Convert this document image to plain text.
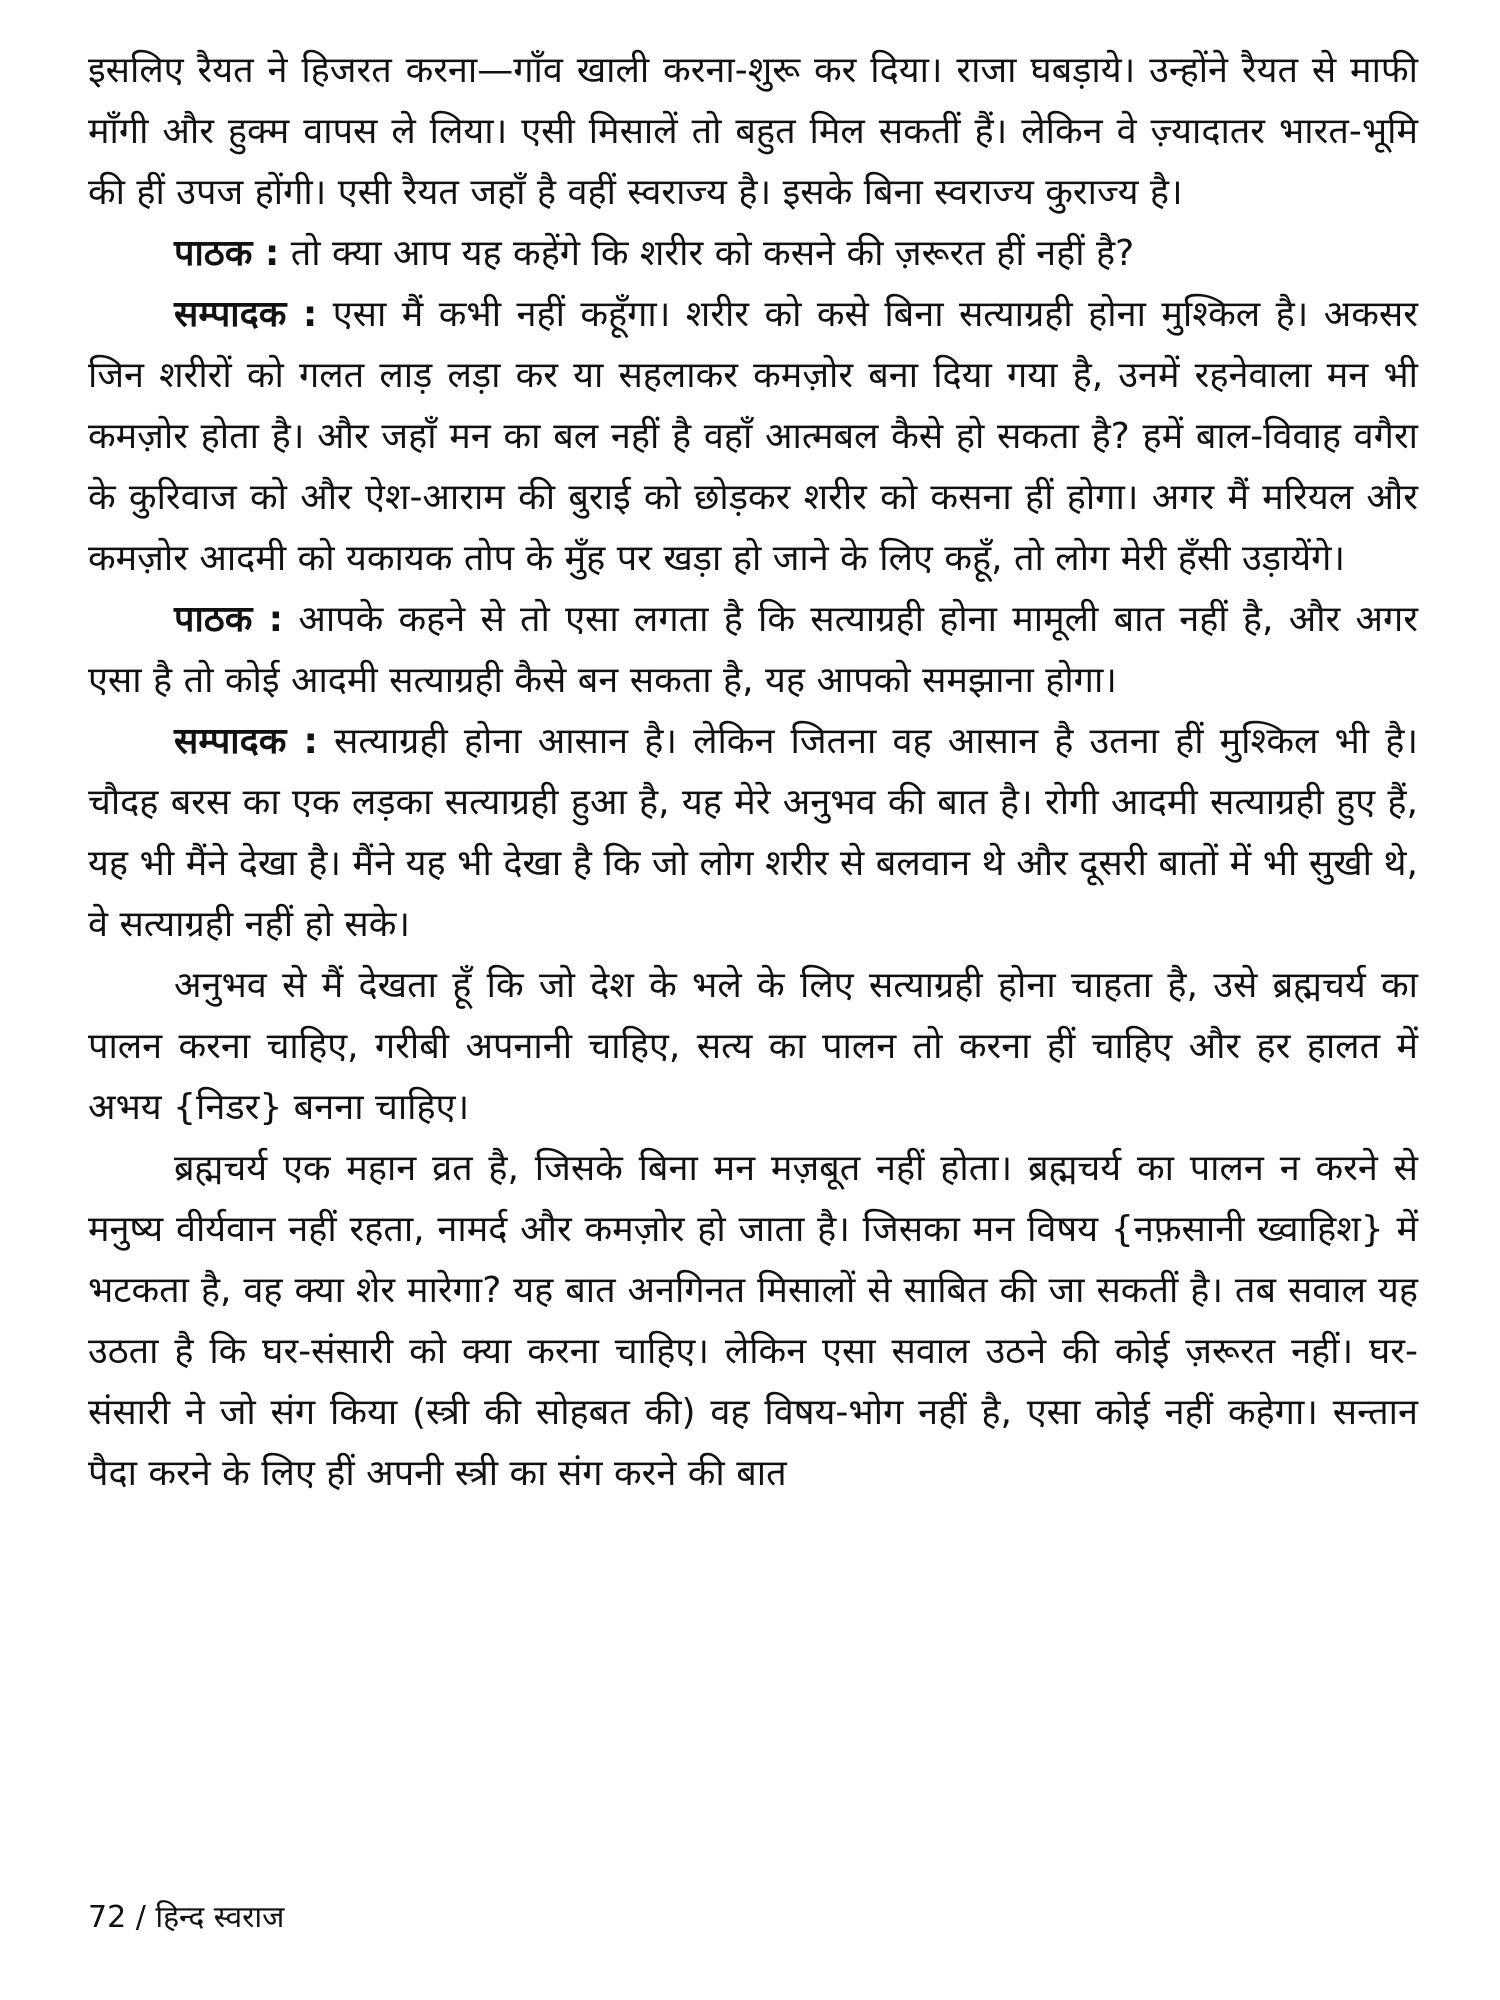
इसलिए रैयत ने हिजरत करना—गाँव खाली करना-शुरू कर दिया। राजा घबड़ाये। उन्होंने रैयत से माफी माँगी और हुक्म वापस ले लिया। एसी मिसालें तो बहुत मिल सकतीं हैं। लेकिन वे ज़्यादातर भारत-भूमि की हीं उपज होंगी। एसी रैयत जहाँ है वहीं स्वराज्य है। इसके बिना स्वराज्य कुराज्य है।

पाठक : तो क्या आप यह कहेंगे कि शरीर को कसने की ज़रूरत हीं नहीं है?

सम्पादक : एसा मैं कभी नहीं कहूँगा। शरीर को कसे बिना सत्याग्रही होना मुश्किल है। अकसर जिन शरीरों को गलत लाड़ लड़ा कर या सहलाकर कमज़ोर बना दिया गया है, उनमें रहनेवाला मन भी कमज़ोर होता है। और जहाँ मन का बल नहीं है वहाँ आत्मबल कैसे हो सकता है? हमें बाल-विवाह वगैरा के कुरिवाज को और ऐश-आराम की बुराई को छोड़कर शरीर को कसना हीं होगा। अगर मैं मरियल और कमज़ोर आदमी को यकायक तोप के मुँह पर खड़ा हो जाने के लिए कहूँ, तो लोग मेरी हँसी उड़ायेंगे।

पाठक : आपके कहने से तो एसा लगता है कि सत्याग्रही होना मामूली बात नहीं है, और अगर एसा है तो कोई आदमी सत्याग्रही कैसे बन सकता है, यह आपको समझाना होगा।

सम्पादक : सत्याग्रही होना आसान है। लेकिन जितना वह आसान है उतना हीं मुश्किल भी है। चौदह बरस का एक लड़का सत्याग्रही हुआ है, यह मेरे अनुभव की बात है। रोगी आदमी सत्याग्रही हुए हैं, यह भी मैंने देखा है। मैंने यह भी देखा है कि जो लोग शरीर से बलवान थे और दूसरी बातों में भी सुखी थे, वे सत्याग्रही नहीं हो सके।

अनुभव से मैं देखता हूँ कि जो देश के भले के लिए सत्याग्रही होना चाहता है, उसे ब्रह्मचर्य का पालन करना चाहिए, गरीबी अपनानी चाहिए, सत्य का पालन तो करना हीं चाहिए और हर हालत में अभय {निडर} बनना चाहिए।

ब्रह्मचर्य एक महान व्रत है, जिसके बिना मन मज़बूत नहीं होता। ब्रह्मचर्य का पालन न करने से मनुष्य वीर्यवान नहीं रहता, नामर्द और कमज़ोर हो जाता है। जिसका मन विषय {नफ़सानी ख्वाहिश} में भटकता है, वह क्या शेर मारेगा? यह बात अनगिनत मिसालों से साबित की जा सकतीं है। तब सवाल यह उठता है कि घर-संसारी को क्या करना चाहिए। लेकिन एसा सवाल उठने की कोई ज़रूरत नहीं। घर-संसारी ने जो संग किया (स्त्री की सोहबत की) वह विषय-भोग नहीं है, एसा कोई नहीं कहेगा। सन्तान पैदा करने के लिए हीं अपनी स्त्री का संग करने की बात

72 / हिन्द स्वराज
